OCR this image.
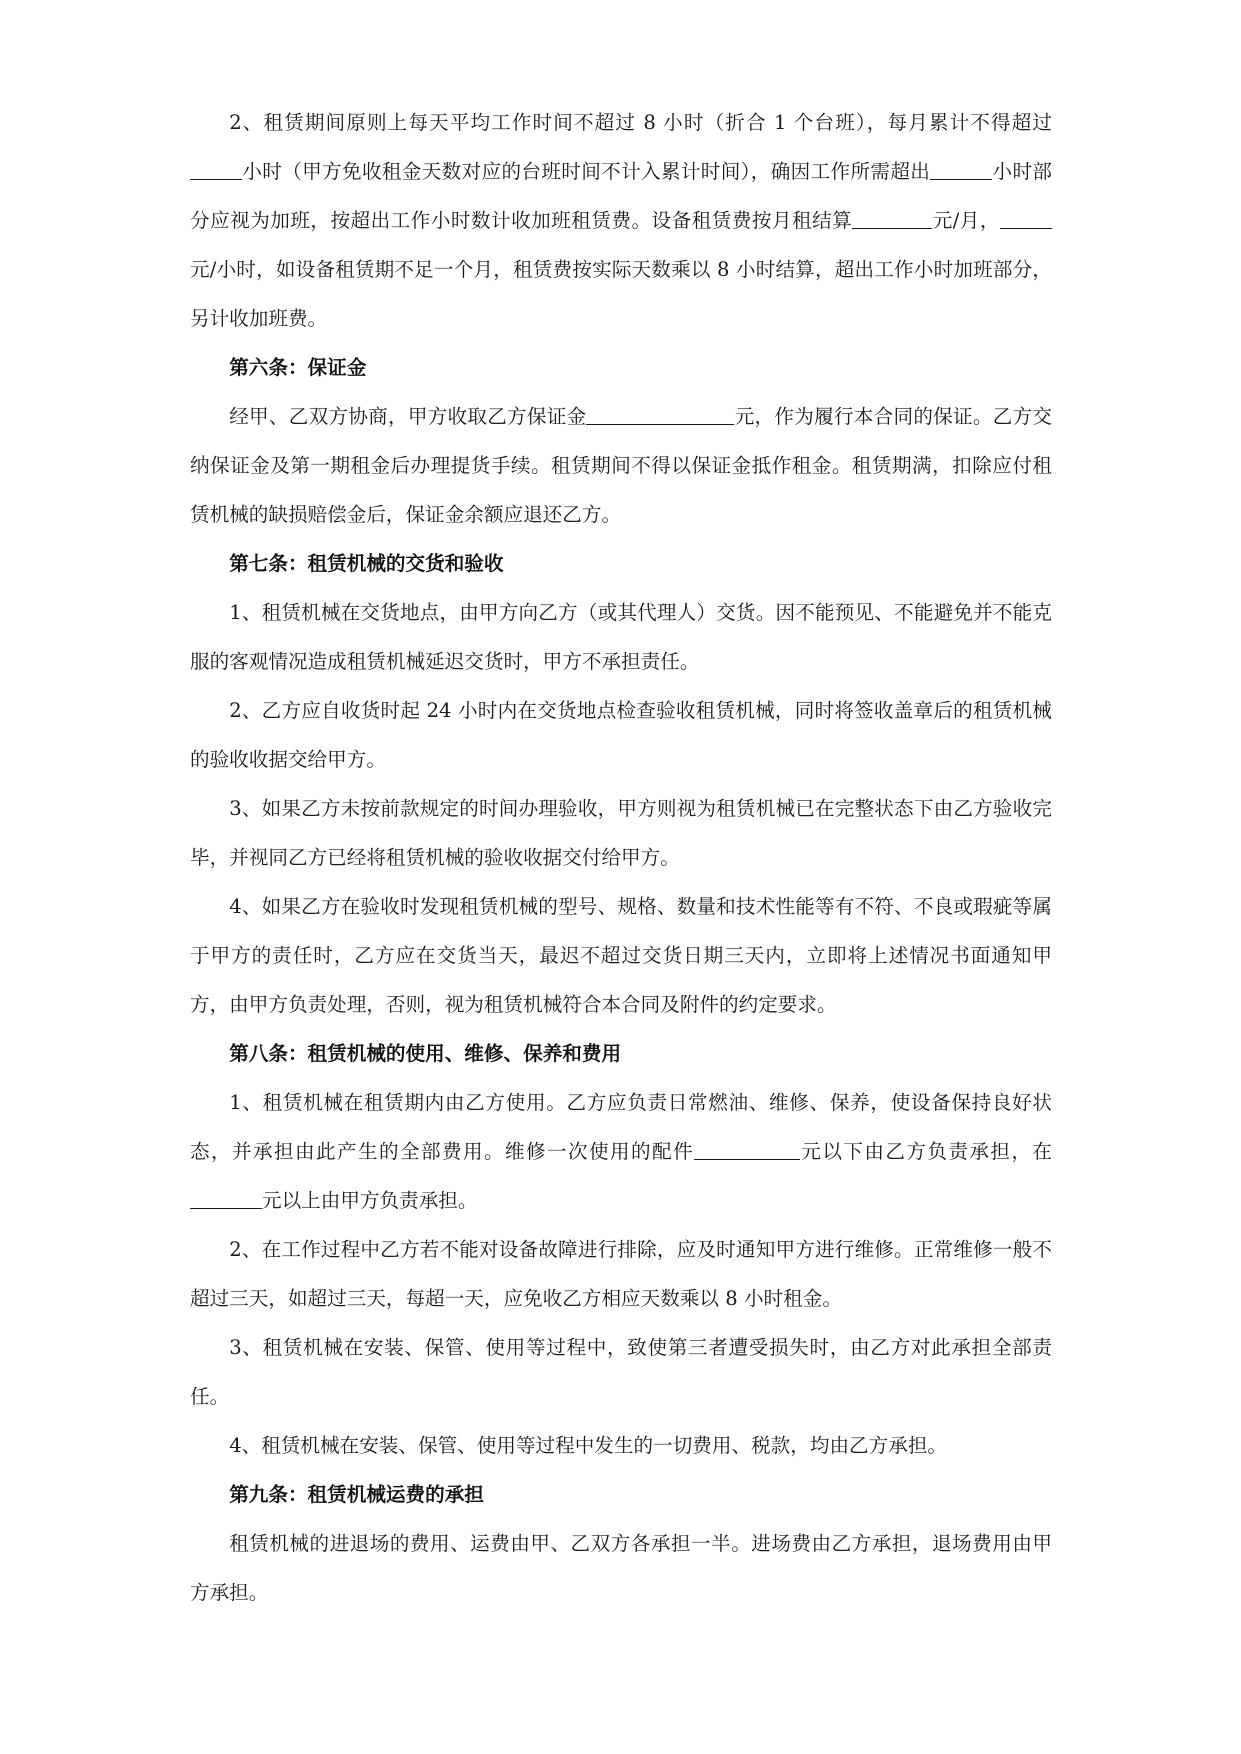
2、租赁期间原则上每天平均工作时间不超过 8 小时（折合 1 个台班），每月累计不得超过小时（甲方免收租金天数对应的台班时间不计入累计时间），确因工作所需超出	小时部分应视为加班，按超出工作小时数计收加班租赁费。设备租赁费按月租结算	元/月，元/小时，如设备租赁期不足一个月，租赁费按实际天数乘以 8 小时结算，超出工作小时加班部分，另计收加班费。

第六条：保证金

经甲、乙双方协商，甲方收取乙方保证金	元，作为履行本合同的保证。乙方交纳保证金及第一期租金后办理提货手续。租赁期间不得以保证金抵作租金。租赁期满，扣除应付租赁机械的缺损赔偿金后，保证金余额应退还乙方。

第七条：租赁机械的交货和验收

1、租赁机械在交货地点，由甲方向乙方（或其代理人）交货。因不能预见、不能避免并不能克服的客观情况造成租赁机械延迟交货时，甲方不承担责任。

2、乙方应自收货时起 24 小时内在交货地点检查验收租赁机械，同时将签收盖章后的租赁机械的验收收据交给甲方。

3、如果乙方未按前款规定的时间办理验收，甲方则视为租赁机械已在完整状态下由乙方验收完毕，并视同乙方已经将租赁机械的验收收据交付给甲方。

4、如果乙方在验收时发现租赁机械的型号、规格、数量和技术性能等有不符、不良或瑕疵等属于甲方的责任时，乙方应在交货当天，最迟不超过交货日期三天内，立即将上述情况书面通知甲方，由甲方负责处理，否则，视为租赁机械符合本合同及附件的约定要求。

第八条：租赁机械的使用、维修、保养和费用

1、租赁机械在租赁期内由乙方使用。乙方应负责日常燃油、维修、保养，使设备保持良好状态，并承担由此产生的全部费用。维修一次使用的配件	元以下由乙方负责承担，在元以上由甲方负责承担。

2、在工作过程中乙方若不能对设备故障进行排除，应及时通知甲方进行维修。正常维修一般不超过三天，如超过三天，每超一天，应免收乙方相应天数乘以 8 小时租金。

3、租赁机械在安装、保管、使用等过程中，致使第三者遭受损失时，由乙方对此承担全部责任。

4、租赁机械在安装、保管、使用等过程中发生的一切费用、税款，均由乙方承担。

第九条：租赁机械运费的承担

租赁机械的进退场的费用、运费由甲、乙双方各承担一半。进场费由乙方承担，退场费用由甲方承担。
